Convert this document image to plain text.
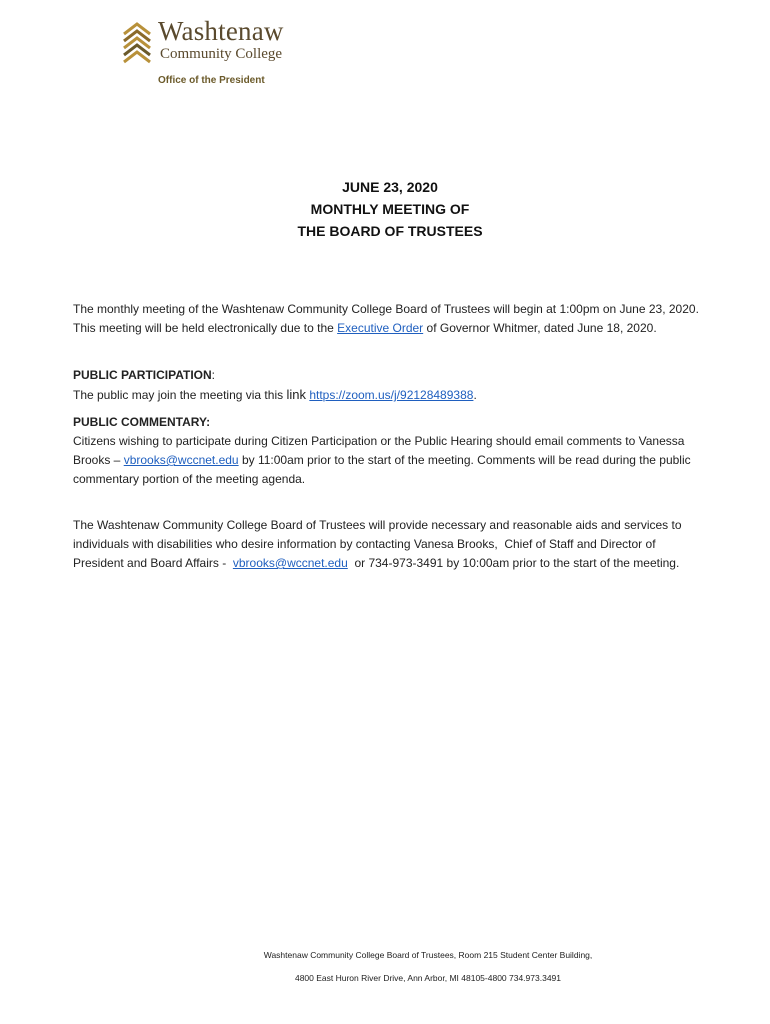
Washtenaw
Community College
Office of the President
JUNE 23, 2020
MONTHLY MEETING OF
THE BOARD OF TRUSTEES
The monthly meeting of the Washtenaw Community College Board of Trustees will begin at 1:00pm on June 23, 2020. This meeting will be held electronically due to the Executive Order of Governor Whitmer, dated June 18, 2020.
PUBLIC PARTICIPATION:
The public may join the meeting via this link https://zoom.us/j/92128489388.
PUBLIC COMMENTARY:
Citizens wishing to participate during Citizen Participation or the Public Hearing should email comments to Vanessa Brooks – vbrooks@wccnet.edu by 11:00am prior to the start of the meeting. Comments will be read during the public commentary portion of the meeting agenda.
The Washtenaw Community College Board of Trustees will provide necessary and reasonable aids and services to individuals with disabilities who desire information by contacting Vanesa Brooks,  Chief of Staff and Director of President and Board Affairs -  vbrooks@wccnet.edu  or 734-973-3491 by 10:00am prior to the start of the meeting.
Washtenaw Community College Board of Trustees, Room 215 Student Center Building,
4800 East Huron River Drive, Ann Arbor, MI 48105-4800 734.973.3491
